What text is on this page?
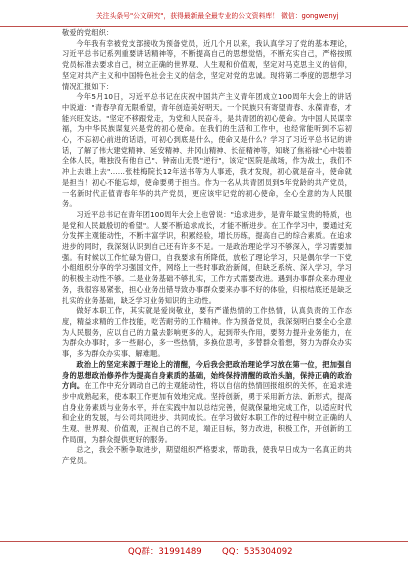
关注头条号"公文研究"，获得最新最全最专业的公文资料库！ 微信：gongwenyj

敬爱的党组织：

今年我有幸被党支部接收为预备党员，近几个月以来，我认真学习了党的基本理论，习近平总书记系列重要讲话精神等，不断提高自己的思想觉悟，不断充实自己，严格按照党员标准去要求自己，树立正确的世界观、人生观和价值观，坚定对马克思主义的信仰，坚定对共产主义和中国特色社会主义的信念，坚定对党的忠诚。现将第二季度的思想学习情况汇报如下：

今年5月10日，习近平总书记在庆祝中国共产主义青年团成立100周年大会上的讲话中说道："青春孕育无限希望，青年创造美好明天。一个民族只有寄望青春、永葆青春，才能兴旺发达。"坚定不移跟党走，为党和人民奋斗，是共青团的初心使命。为中国人民谋幸福，为中华民族谋复兴是党的初心使命。在我们的生活和工作中，也经常能听到不忘初心，不忘初心前进的话语，可初心到底是什么，使命又是什么？学习了习近平总书记的讲话，了解了伟大建党精神、延安精神、井冈山精神、长征精神等，知晓了焦裕禄"心中装着全体人民，唯独没有他自己"、钟南山无畏"逆行"，该定"医院是战场，作为战士，我们不冲上去谁上去"……张桂梅院长12年送书等为人事迹，我才发现，初心就是奋斗，使命就是担当！初心不能忘却，使命要勇于担当。作为一名从共青团员到5年党龄的共产党员，一名新时代正值青春年华的共产党员，更应该牢记党的初心使命，全心全意的为人民服务。

习近平总书记在青年团100周年大会上也曾说："追求进步，是青年最宝贵的特质，也是党和人民最殷切的希望"。人要不断追求成长，才能不断进步。在工作学习中，要通过充分发挥主观能动性，不断丰富学识，积累经验，增长历练，提高自己的综合素质。在追求进步的同时，我深刻认识到自己还有许多不足。一是政治理论学习不够深入，学习需要加强。有时候以工作忙碌为借口，自我要求有所降低，放松了理论学习，只是偶尔学一下党小组组织分享的学习强国文件，网络上一些时事政治新闻，但缺乏系统、深入学习，学习的积极主动性不够。二是业务基础不够扎实，工作方式需要改进。遇到办事群众来办理业务，我很容易紧张，担心业务出错导致办事群众要来办事不好的体验，归根结底还是缺乏扎实的业务基础，缺乏学习业务知识的主动性。

做好本职工作，其实就是爱岗敬业，要有严谨热情的工作热情，认真负责的工作态度，精益求精的工作技能，吃苦耐劳的工作精神。作为预备党员，我深刻明白要全心全意为人民服务，应以自己的力量去影响更多的人，起到带头作用，要努力提升业务能力，在为群众办事时，多一些耐心，多一些热情，多换位思考，多替群众着想，努力为群众办实事，多为群众办实事、解难题。

政治上的坚定来源于理论上的清醒，今后我会把政治理论学习放在第一位，把加强自身的思想政治修养作为提高自身素质的基础，始终保持清醒的政治头脑，保持正确的政治方向。在工作中充分调动自己的主观能动性，将以自信的热情回报组织的关怀，在追求进步中成熟起来，使本职工作更加有效地完成。坚持创新，勇于采用新方法、新形式，提高自身业务素质与业务水平，并在实践中加以总结完善，促就保量地完成工作，以适应时代和企业的发展，与公司共同进步、共同成长。在学习做好本职工作的过程中树立正确的人生观、世界观、价值观，正视自己的不足，端正目标，努力改进，积极工作，开创新的工作局面，为群众提供更好的服务。

总之，我会不断争取进步，期望组织严格要求，帮助我，使我早日成为一名真正的共产党员。

QQ群：31991489 QQ：535304092
